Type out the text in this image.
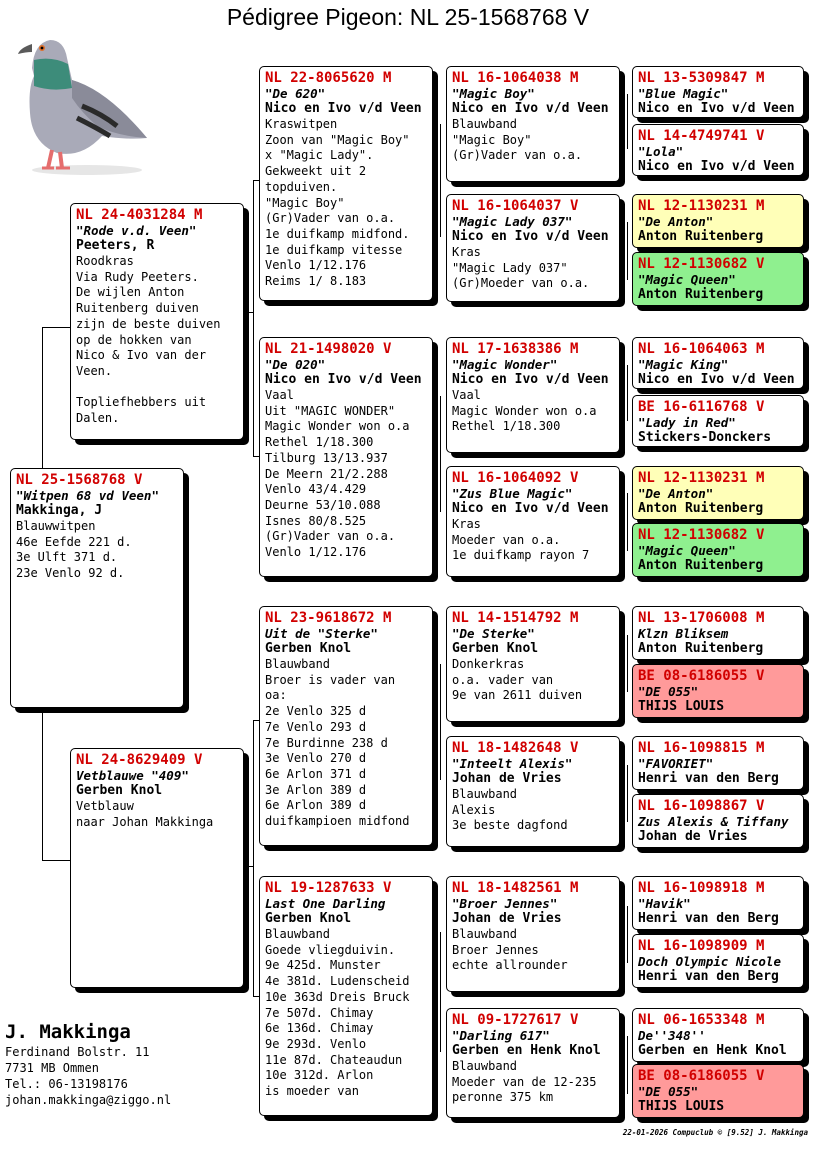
Pédigree Pigeon: NL 25-1568768 V
NL 25-1568768 V
"Witpen 68 vd Veen"
Makkinga, J
Blauwwitpen
46e Eefde 221 d.
3e Ulft 371 d.
23e Venlo 92 d.
NL 24-4031284 M
"Rode v.d. Veen"
Peeters, R
Roodkras
Via Rudy Peeters.
De wijlen Anton
Ruitenberg duiven
zijn de beste duiven
op de hokken van
Nico & Ivo van der
Veen.
Topliefhebbers uit
Dalen.
NL 24-8629409 V
Vetblauwe "409"
Gerben Knol
Vetblauw
naar Johan Makkinga
NL 22-8065620 M
"De 620"
Nico en Ivo v/d Veen
Kraswitpen
Zoon van "Magic Boy"
x "Magic Lady".
Gekweekt uit 2
topduiven.
"Magic Boy"
(Gr)Vader van o.a.
1e duifkamp midfond.
1e duifkamp vitesse
Venlo 1/12.176
Reims 1/ 8.183
NL 21-1498020 V
"De 020"
Nico en Ivo v/d Veen
Vaal
Uit "MAGIC WONDER"
Magic Wonder won o.a
Rethel 1/18.300
Tilburg 13/13.937
De Meern 21/2.288
Venlo 43/4.429
Deurne 53/10.088
Isnes 80/8.525
(Gr)Vader van o.a.
Venlo 1/12.176
NL 23-9618672 M
Uit de "Sterke"
Gerben Knol
Blauwband
Broer is vader van
oa:
2e Venlo 325 d
7e Venlo 293 d
7e Burdinne 238 d
3e Venlo 270 d
6e Arlon 371 d
3e Arlon 389 d
6e Arlon 389 d
duifkampioen midfond
NL 19-1287633 V
Last One Darling
Gerben Knol
Blauwband
Goede vliegduivin.
9e 425d. Munster
4e 381d. Ludenscheid
10e 363d Dreis Bruck
7e 507d. Chimay
6e 136d. Chimay
9e 293d. Venlo
11e 87d. Chateaudun
10e 312d. Arlon
is moeder van
NL 16-1064038 M
"Magic Boy"
Nico en Ivo v/d Veen
Blauwband
"Magic Boy"
(Gr)Vader van o.a.
NL 16-1064037 V
"Magic Lady 037"
Nico en Ivo v/d Veen
Kras
"Magic Lady 037"
(Gr)Moeder van o.a.
NL 17-1638386 M
"Magic Wonder"
Nico en Ivo v/d Veen
Vaal
Magic Wonder won o.a
Rethel 1/18.300
NL 16-1064092 V
"Zus Blue Magic"
Nico en Ivo v/d Veen
Kras
Moeder van o.a.
1e duifkamp rayon 7
NL 14-1514792 M
"De Sterke"
Gerben Knol
Donkerkras
o.a. vader van
9e van 2611 duiven
NL 18-1482648 V
"Inteelt Alexis"
Johan de Vries
Blauwband
Alexis
3e beste dagfond
NL 18-1482561 M
"Broer Jennes"
Johan de Vries
Blauwband
Broer Jennes
echte allrounder
NL 09-1727617 V
"Darling 617"
Gerben en Henk Knol
Blauwband
Moeder van de 12-235
peronne 375 km
NL 13-5309847 M
"Blue Magic"
Nico en Ivo v/d Veen
NL 14-4749741 V
"Lola"
Nico en Ivo v/d Veen
NL 12-1130231 M
"De Anton"
Anton Ruitenberg
NL 12-1130682 V
"Magic Queen"
Anton Ruitenberg
NL 16-1064063 M
"Magic King"
Nico en Ivo v/d Veen
BE 16-6116768 V
"Lady in Red"
Stickers-Donckers
NL 12-1130231 M
"De Anton"
Anton Ruitenberg
NL 12-1130682 V
"Magic Queen"
Anton Ruitenberg
NL 13-1706008 M
Klzn Bliksem
Anton Ruitenberg
BE 08-6186055 V
"DE 055"
THIJS LOUIS
NL 16-1098815 M
"FAVORIET"
Henri van den Berg
NL 16-1098867 V
Zus Alexis & Tiffany
Johan de Vries
NL 16-1098918 M
"Havik"
Henri van den Berg
NL 16-1098909 M
Doch Olympic Nicole
Henri van den Berg
NL 06-1653348 M
De''348''
Gerben en Henk Knol
BE 08-6186055 V
"DE 055"
THIJS LOUIS
J. Makkinga
Ferdinand Bolstr. 11
7731 MB Ommen
Tel.: 06-13198176
johan.makkinga@ziggo.nl
22-01-2026 Compuclub © [9.52] J. Makkinga
